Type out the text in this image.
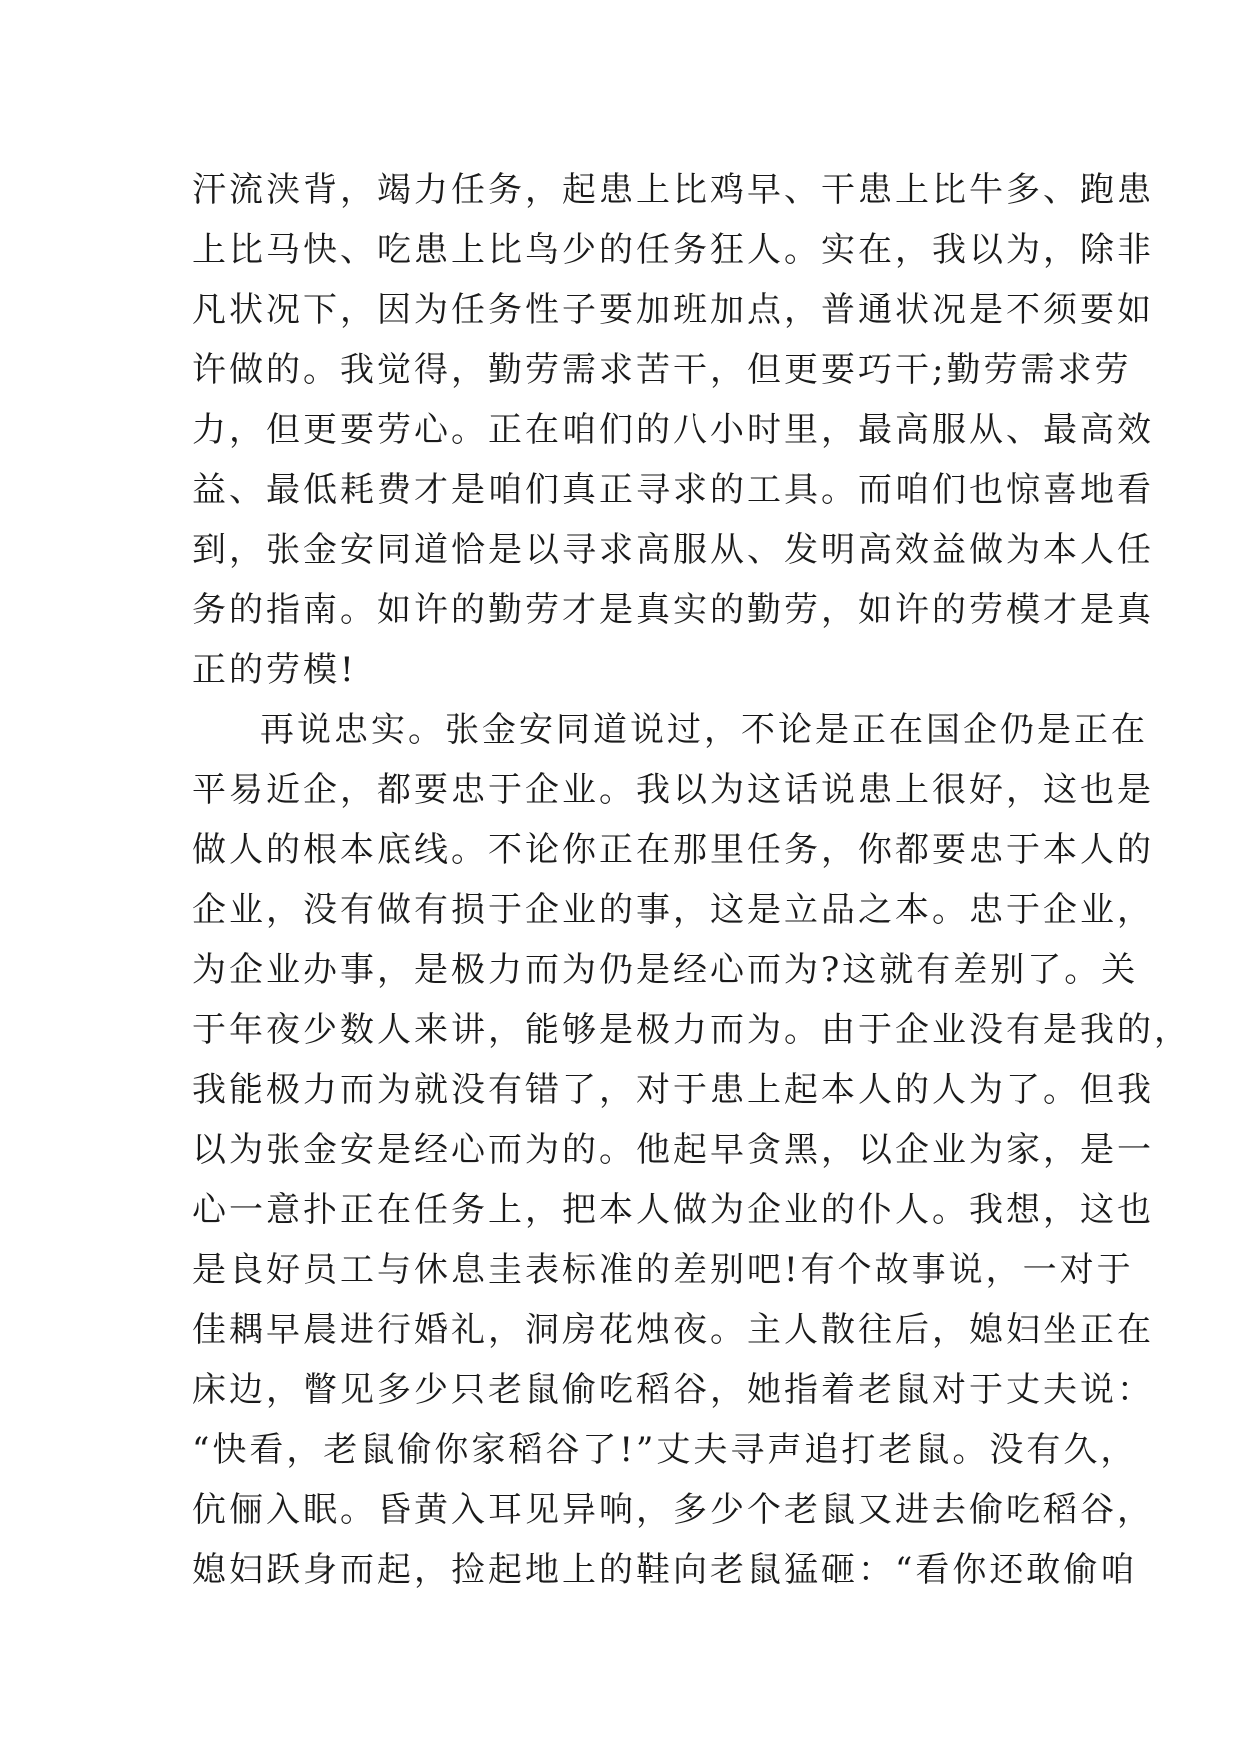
汗流浃背，竭力任务，起患上比鸡早、干患上比牛多、跑患
上比马快、吃患上比鸟少的任务狂人。实在，我以为，除非
凡状况下，因为任务性子要加班加点，普通状况是不须要如
许做的。我觉得，勤劳需求苦干，但更要巧干;勤劳需求劳
力，但更要劳心。正在咱们的八小时里，最高服从、最高效
益、最低耗费才是咱们真正寻求的工具。而咱们也惊喜地看
到，张金安同道恰是以寻求高服从、发明高效益做为本人任
务的指南。如许的勤劳才是真实的勤劳，如许的劳模才是真
正的劳模!
再说忠实。张金安同道说过，不论是正在国企仍是正在
平易近企，都要忠于企业。我以为这话说患上很好，这也是
做人的根本底线。不论你正在那里任务，你都要忠于本人的
企业，没有做有损于企业的事，这是立品之本。忠于企业，
为企业办事，是极力而为仍是经心而为?这就有差别了。关
于年夜少数人来讲，能够是极力而为。由于企业没有是我的，
我能极力而为就没有错了，对于患上起本人的人为了。但我
以为张金安是经心而为的。他起早贪黑，以企业为家，是一
心一意扑正在任务上，把本人做为企业的仆人。我想，这也
是良好员工与休息圭表标准的差别吧!有个故事说，一对于
佳耦早晨进行婚礼，洞房花烛夜。主人散往后，媳妇坐正在
床边，瞥见多少只老鼠偷吃稻谷，她指着老鼠对于丈夫说：
“快看，老鼠偷你家稻谷了!”丈夫寻声追打老鼠。没有久，
伉俪入眠。昏黄入耳见异响，多少个老鼠又进去偷吃稻谷，
媳妇跃身而起，捡起地上的鞋向老鼠猛砸：“看你还敢偷咱
